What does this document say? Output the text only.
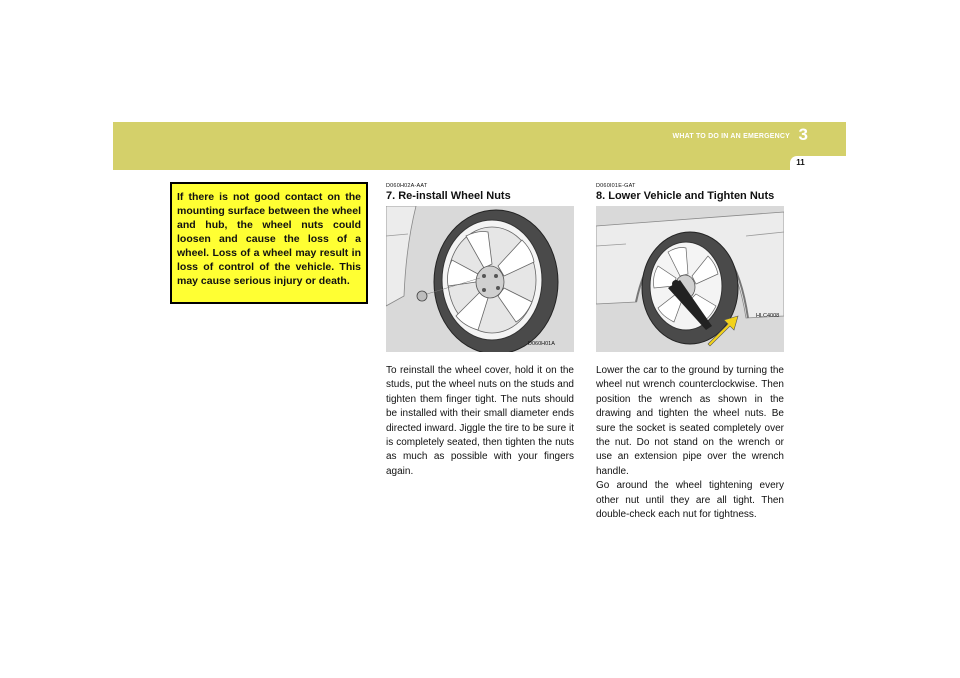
WHAT TO DO IN AN EMERGENCY 3
11

If there is not good contact on the mounting surface between the wheel and hub, the wheel nuts could loosen and cause the loss of a wheel. Loss of a wheel may result in loss of control of the vehicle. This may cause serious injury or death.

D060H02A-AAT

7. Re-install Wheel Nuts

D060H01A

To reinstall the wheel cover, hold it on the studs, put the wheel nuts on the studs and tighten them finger tight. The nuts should be installed with their small diameter ends directed inward. Jiggle the tire to be sure it is completely seated, then tighten the nuts as much as possible with your fingers again.

D060I01E-GAT

8. Lower Vehicle and Tighten Nuts

HLC4008

Lower the car to the ground by turning the wheel nut wrench counterclockwise. Then position the wrench as shown in the drawing and tighten the wheel nuts. Be sure the socket is seated completely over the nut. Do not stand on the wrench or use an extension pipe over the wrench handle.

Go around the wheel tightening every other nut until they are all tight. Then double-check each nut for tightness.
